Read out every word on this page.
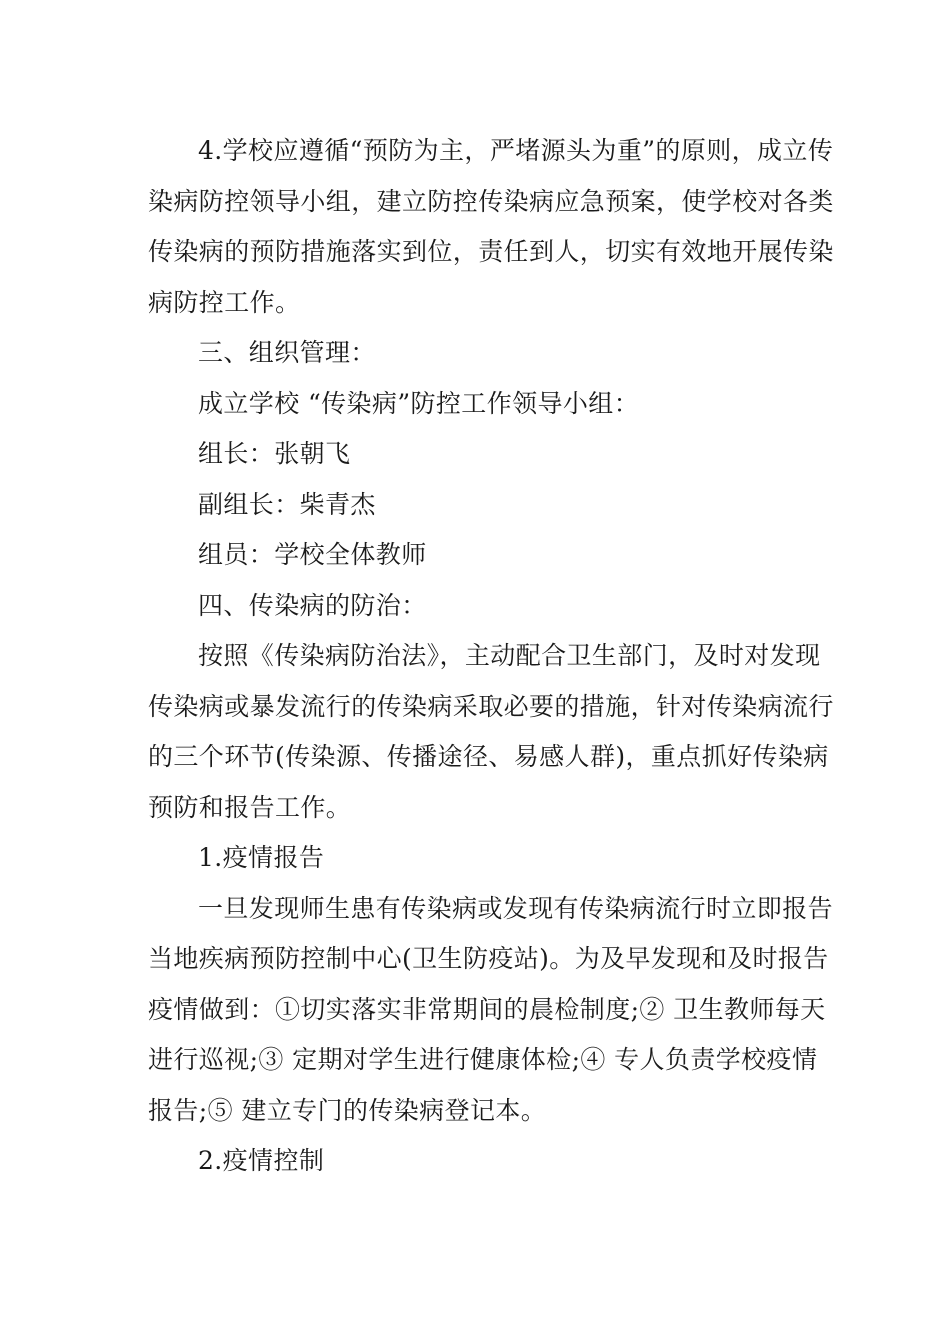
4.学校应遵循“预防为主，严堵源头为重”的原则，成立传
染病防控领导小组，建立防控传染病应急预案，使学校对各类
传染病的预防措施落实到位，责任到人，切实有效地开展传染
病防控工作。
三、组织管理：
成立学校 “传染病”防控工作领导小组：
组长：张朝飞
副组长：柴青杰
组员：学校全体教师
四、传染病的防治：
按照《传染病防治法》，主动配合卫生部门，及时对发现
传染病或暴发流行的传染病采取必要的措施，针对传染病流行
的三个环节(传染源、传播途径、易感人群)，重点抓好传染病
预防和报告工作。
1.疫情报告
一旦发现师生患有传染病或发现有传染病流行时立即报告
当地疾病预防控制中心(卫生防疫站)。为及早发现和及时报告
疫情做到：①切实落实非常期间的晨检制度;② 卫生教师每天
进行巡视;③ 定期对学生进行健康体检;④ 专人负责学校疫情
报告;⑤ 建立专门的传染病登记本。
2.疫情控制
